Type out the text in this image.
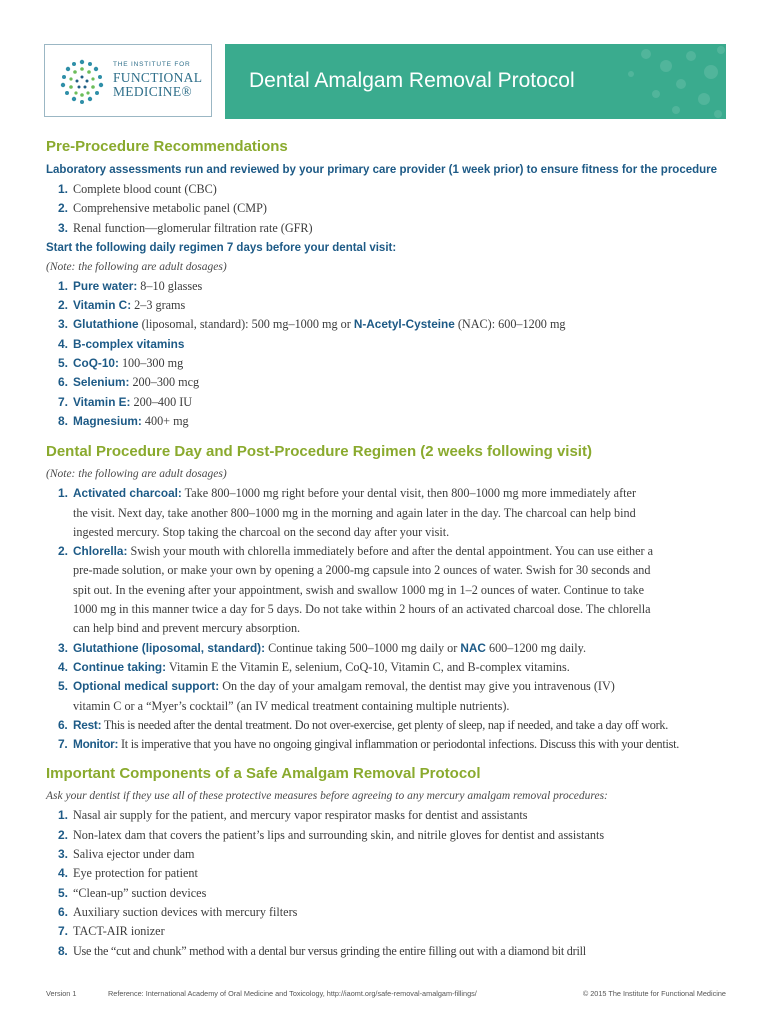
THE INSTITUTE FOR
FUNCTIONAL
MEDICINE®	Dental Amalgam Removal Protocol
Pre-Procedure Recommendations

Laboratory assessments run and reviewed by your primary care provider (1 week prior) to ensure fitness for the procedure

1. Complete blood count (CBC)
2. Comprehensive metabolic panel (CMP)
3. Renal function—glomerular filtration rate (GFR)

Start the following daily regimen 7 days before your dental visit:

(Note: the following are adult dosages)

1. Pure water: 8–10 glasses
2. Vitamin C: 2–3 grams
3. Glutathione (liposomal, standard): 500 mg–1000 mg or N-Acetyl-Cysteine (NAC): 600–1200 mg
4. B-complex vitamins
5. CoQ-10: 100–300 mg
6. Selenium: 200–300 mcg
7. Vitamin E: 200–400 IU
8. Magnesium: 400+ mg
Dental Procedure Day and Post-Procedure Regimen (2 weeks following visit)

(Note: the following are adult dosages)

1. Activated charcoal: Take 800–1000 mg right before your dental visit, then 800–1000 mg more immediately after
the visit. Next day, take another 800–1000 mg in the morning and again later in the day. The charcoal can help bind
ingested mercury. Stop taking the charcoal on the second day after your visit.
2. Chlorella: Swish your mouth with chlorella immediately before and after the dental appointment. You can use either a
pre-made solution, or make your own by opening a 2000-mg capsule into 2 ounces of water. Swish for 30 seconds and
spit out. In the evening after your appointment, swish and swallow 1000 mg in 1–2 ounces of water. Continue to take
1000 mg in this manner twice a day for 5 days. Do not take within 2 hours of an activated charcoal dose. The chlorella
can help bind and prevent mercury absorption.
3. Glutathione (liposomal, standard): Continue taking 500–1000 mg daily or NAC 600–1200 mg daily.
4. Continue taking: Vitamin E the Vitamin E, selenium, CoQ-10, Vitamin C, and B-complex vitamins.
5. Optional medical support: On the day of your amalgam removal, the dentist may give you intravenous (IV)
vitamin C or a “Myer’s cocktail” (an IV medical treatment containing multiple nutrients).
6. Rest: This is needed after the dental treatment. Do not over-exercise, get plenty of sleep, nap if needed, and take a day off work.
7. Monitor: It is imperative that you have no ongoing gingival inflammation or periodontal infections. Discuss this with your dentist.
Important Components of a Safe Amalgam Removal Protocol

Ask your dentist if they use all of these protective measures before agreeing to any mercury amalgam removal procedures:

1. Nasal air supply for the patient, and mercury vapor respirator masks for dentist and assistants
2. Non-latex dam that covers the patient’s lips and surrounding skin, and nitrile gloves for dentist and assistants
3. Saliva ejector under dam
4. Eye protection for patient
5. “Clean-up” suction devices
6. Auxiliary suction devices with mercury filters
7. TACT-AIR ionizer
8. Use the “cut and chunk” method with a dental bur versus grinding the entire filling out with a diamond bit drill
Version 1	Reference: International Academy of Oral Medicine and Toxicology, http://iaomt.org/safe-removal-amalgam-fillings/	© 2015 The Institute for Functional Medicine
